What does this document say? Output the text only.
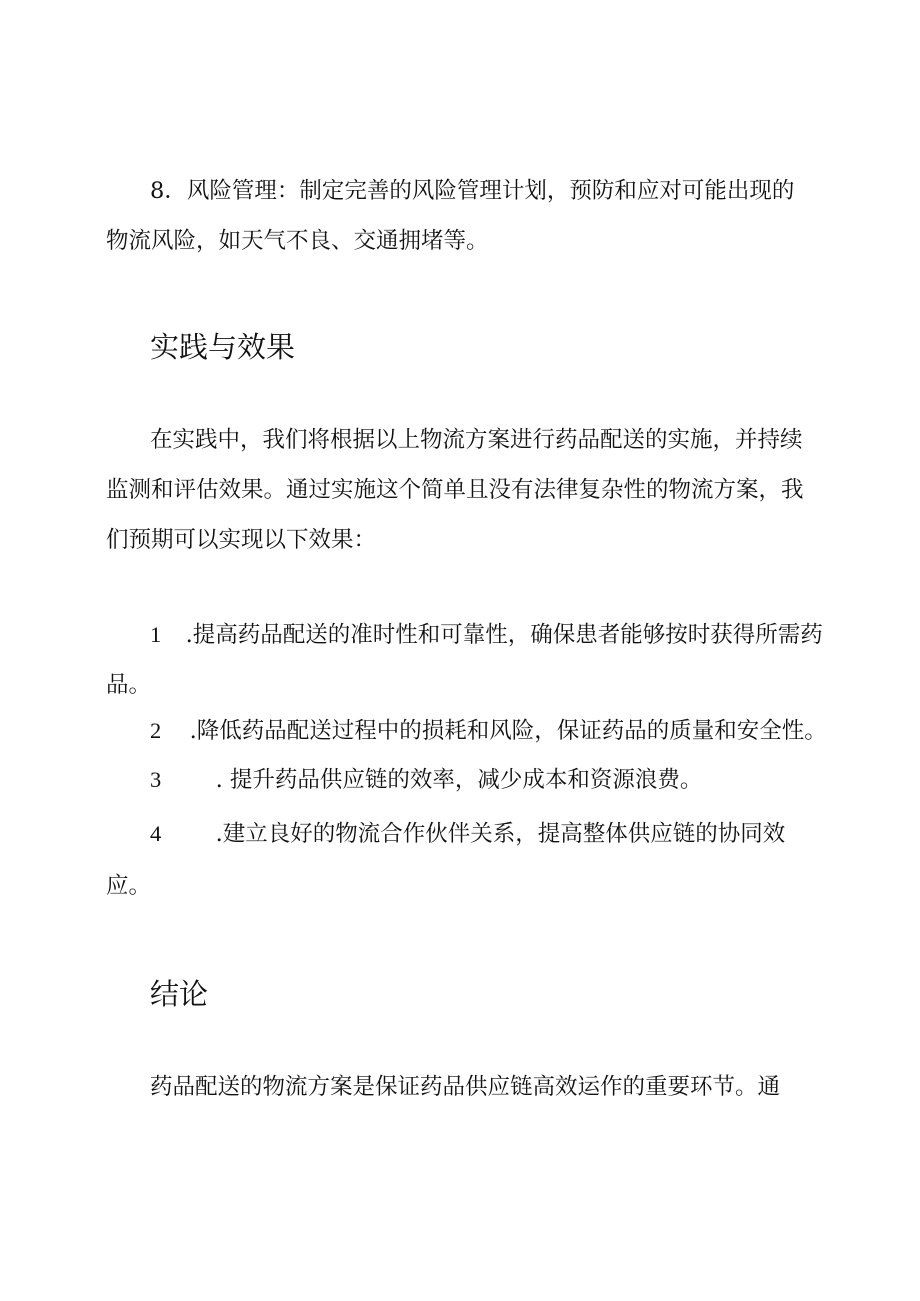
8．风险管理：制定完善的风险管理计划，预防和应对可能出现的
物流风险，如天气不良、交通拥堵等。
实践与效果
在实践中，我们将根据以上物流方案进行药品配送的实施，并持续
监测和评估效果。通过实施这个简单且没有法律复杂性的物流方案，我
们预期可以实现以下效果：
1 .提高药品配送的准时性和可靠性，确保患者能够按时获得所需药
品。
2 .降低药品配送过程中的损耗和风险，保证药品的质量和安全性。
3 . 提升药品供应链的效率，减少成本和资源浪费。
4 .建立良好的物流合作伙伴关系，提高整体供应链的协同效
应。
结论
药品配送的物流方案是保证药品供应链高效运作的重要环节。通
